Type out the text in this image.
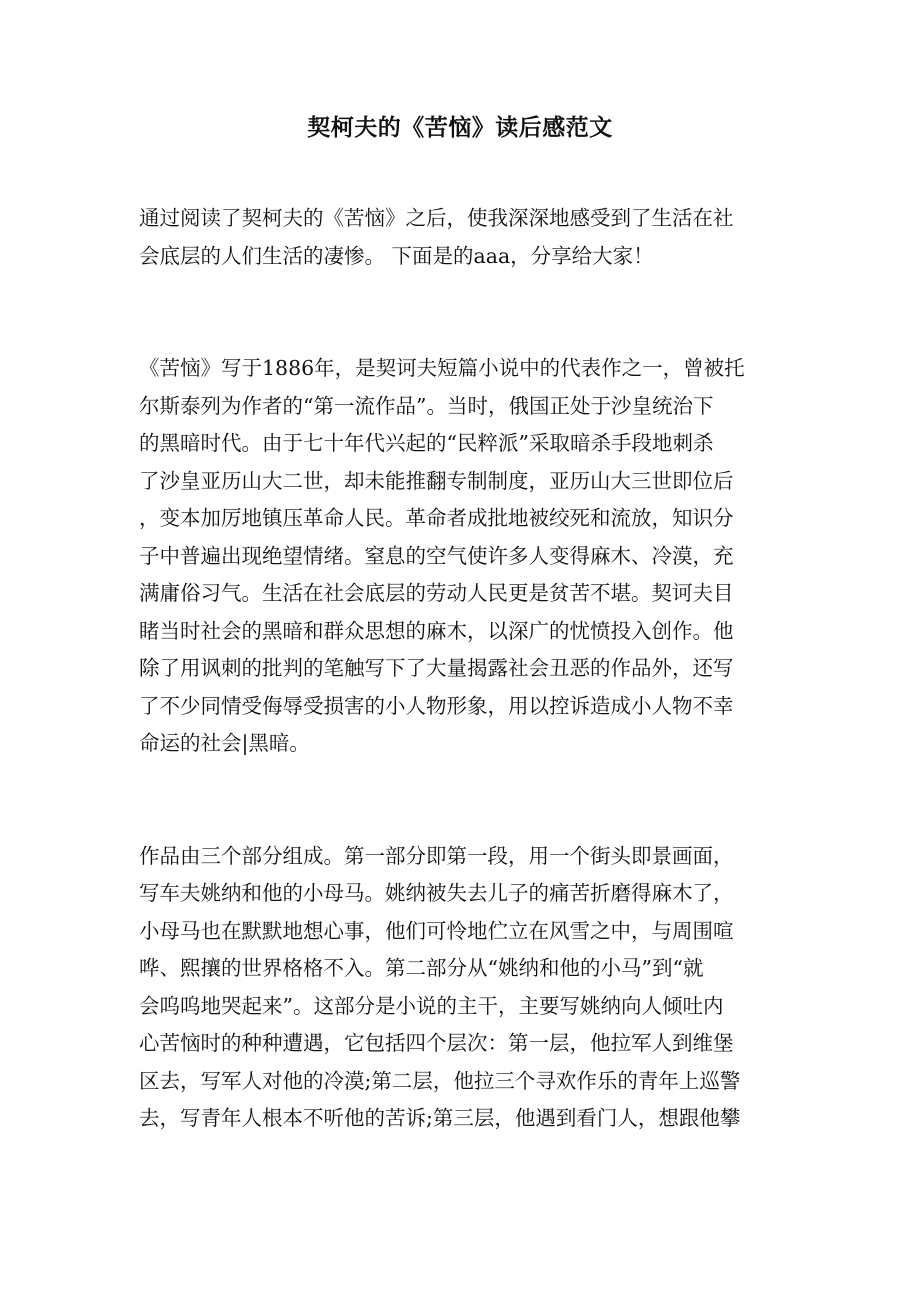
契柯夫的《苦恼》读后感范文
通过阅读了契柯夫的《苦恼》之后，使我深深地感受到了生活在社
会底层的人们生活的凄惨。 下面是的aaa，分享给大家！
《苦恼》写于1886年，是契诃夫短篇小说中的代表作之一，曾被托
尔斯泰列为作者的“第一流作品”。当时，俄国正处于沙皇统治下
的黑暗时代。由于七十年代兴起的“民粹派”采取暗杀手段地刺杀
了沙皇亚历山大二世，却未能推翻专制制度，亚历山大三世即位后
，变本加厉地镇压革命人民。革命者成批地被绞死和流放，知识分
子中普遍出现绝望情绪。窒息的空气使许多人变得麻木、冷漠，充
满庸俗习气。生活在社会底层的劳动人民更是贫苦不堪。契诃夫目
睹当时社会的黑暗和群众思想的麻木，以深广的忧愤投入创作。他
除了用讽刺的批判的笔触写下了大量揭露社会丑恶的作品外，还写
了不少同情受侮辱受损害的小人物形象，用以控诉造成小人物不幸
命运的社会|黑暗。
作品由三个部分组成。第一部分即第一段，用一个街头即景画面，
写车夫姚纳和他的小母马。姚纳被失去儿子的痛苦折磨得麻木了，
小母马也在默默地想心事，他们可怜地伫立在风雪之中，与周围喧
哗、熙攘的世界格格不入。第二部分从“姚纳和他的小马”到“就
会呜呜地哭起来”。这部分是小说的主干，主要写姚纳向人倾吐内
心苦恼时的种种遭遇，它包括四个层次：第一层，他拉军人到维堡
区去，写军人对他的冷漠;第二层，他拉三个寻欢作乐的青年上巡警
去，写青年人根本不听他的苦诉;第三层，他遇到看门人，想跟他攀
